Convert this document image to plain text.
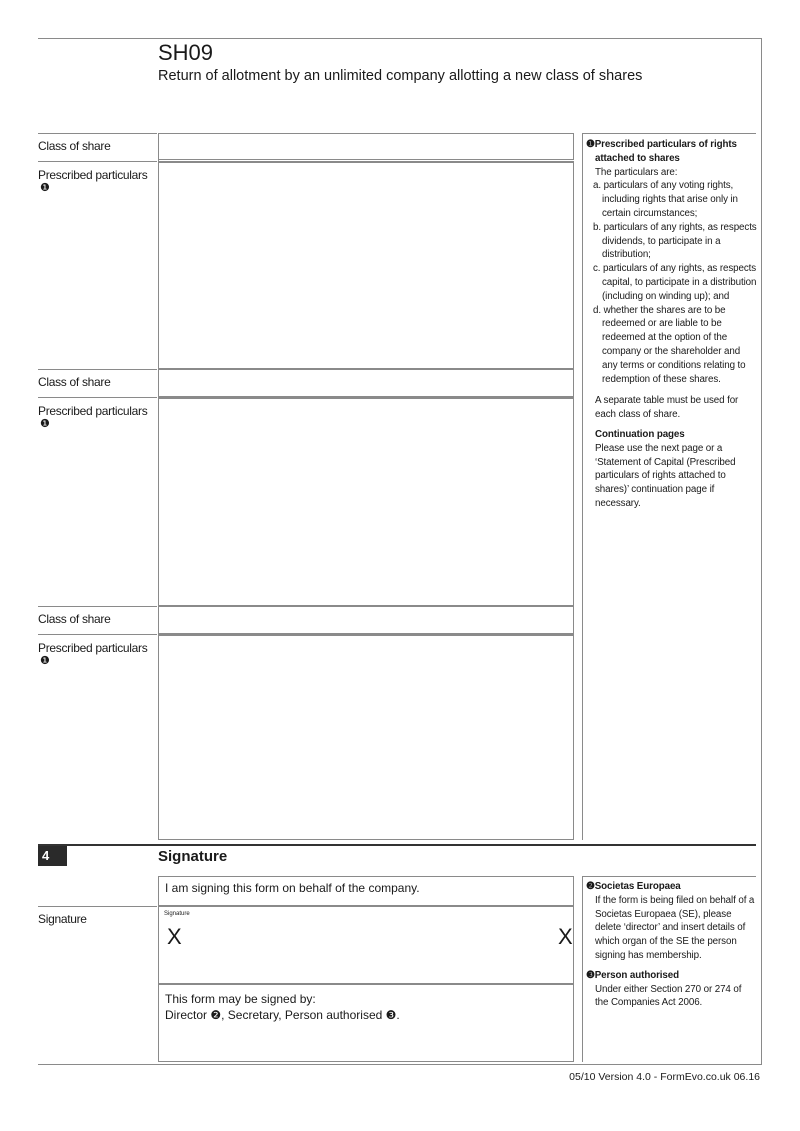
SH09
Return of allotment by an unlimited company allotting a new class of shares
Class of share
Prescribed particulars
❶
Class of share
Prescribed particulars
❶
Class of share
Prescribed particulars
❶
❶Prescribed particulars of rights
attached to shares
The particulars are:
a. particulars of any voting rights, including rights that arise only in certain circumstances;
b. particulars of any rights, as respects dividends, to participate in a distribution;
c. particulars of any rights, as respects capital, to participate in a distribution (including on winding up); and
d. whether the shares are to be redeemed or are liable to be redeemed at the option of the company or the shareholder and any terms or conditions relating to redemption of these shares.
A separate table must be used for each class of share.
Continuation pages
Please use the next page or a ‘Statement of Capital (Prescribed particulars of rights attached to shares)’ continuation page if necessary.
4	Signature
I am signing this form on behalf of the company.
Signature	Signature
X	X
This form may be signed by:
Director ❷, Secretary, Person authorised ❸.
❷Societas Europaea
If the form is being filed on behalf of a Societas Europaea (SE), please delete ‘director’ and insert details of which organ of the SE the person signing has membership.
❸Person authorised
Under either Section 270 or 274 of the Companies Act 2006.
05/10 Version 4.0 - FormEvo.co.uk 06.16
